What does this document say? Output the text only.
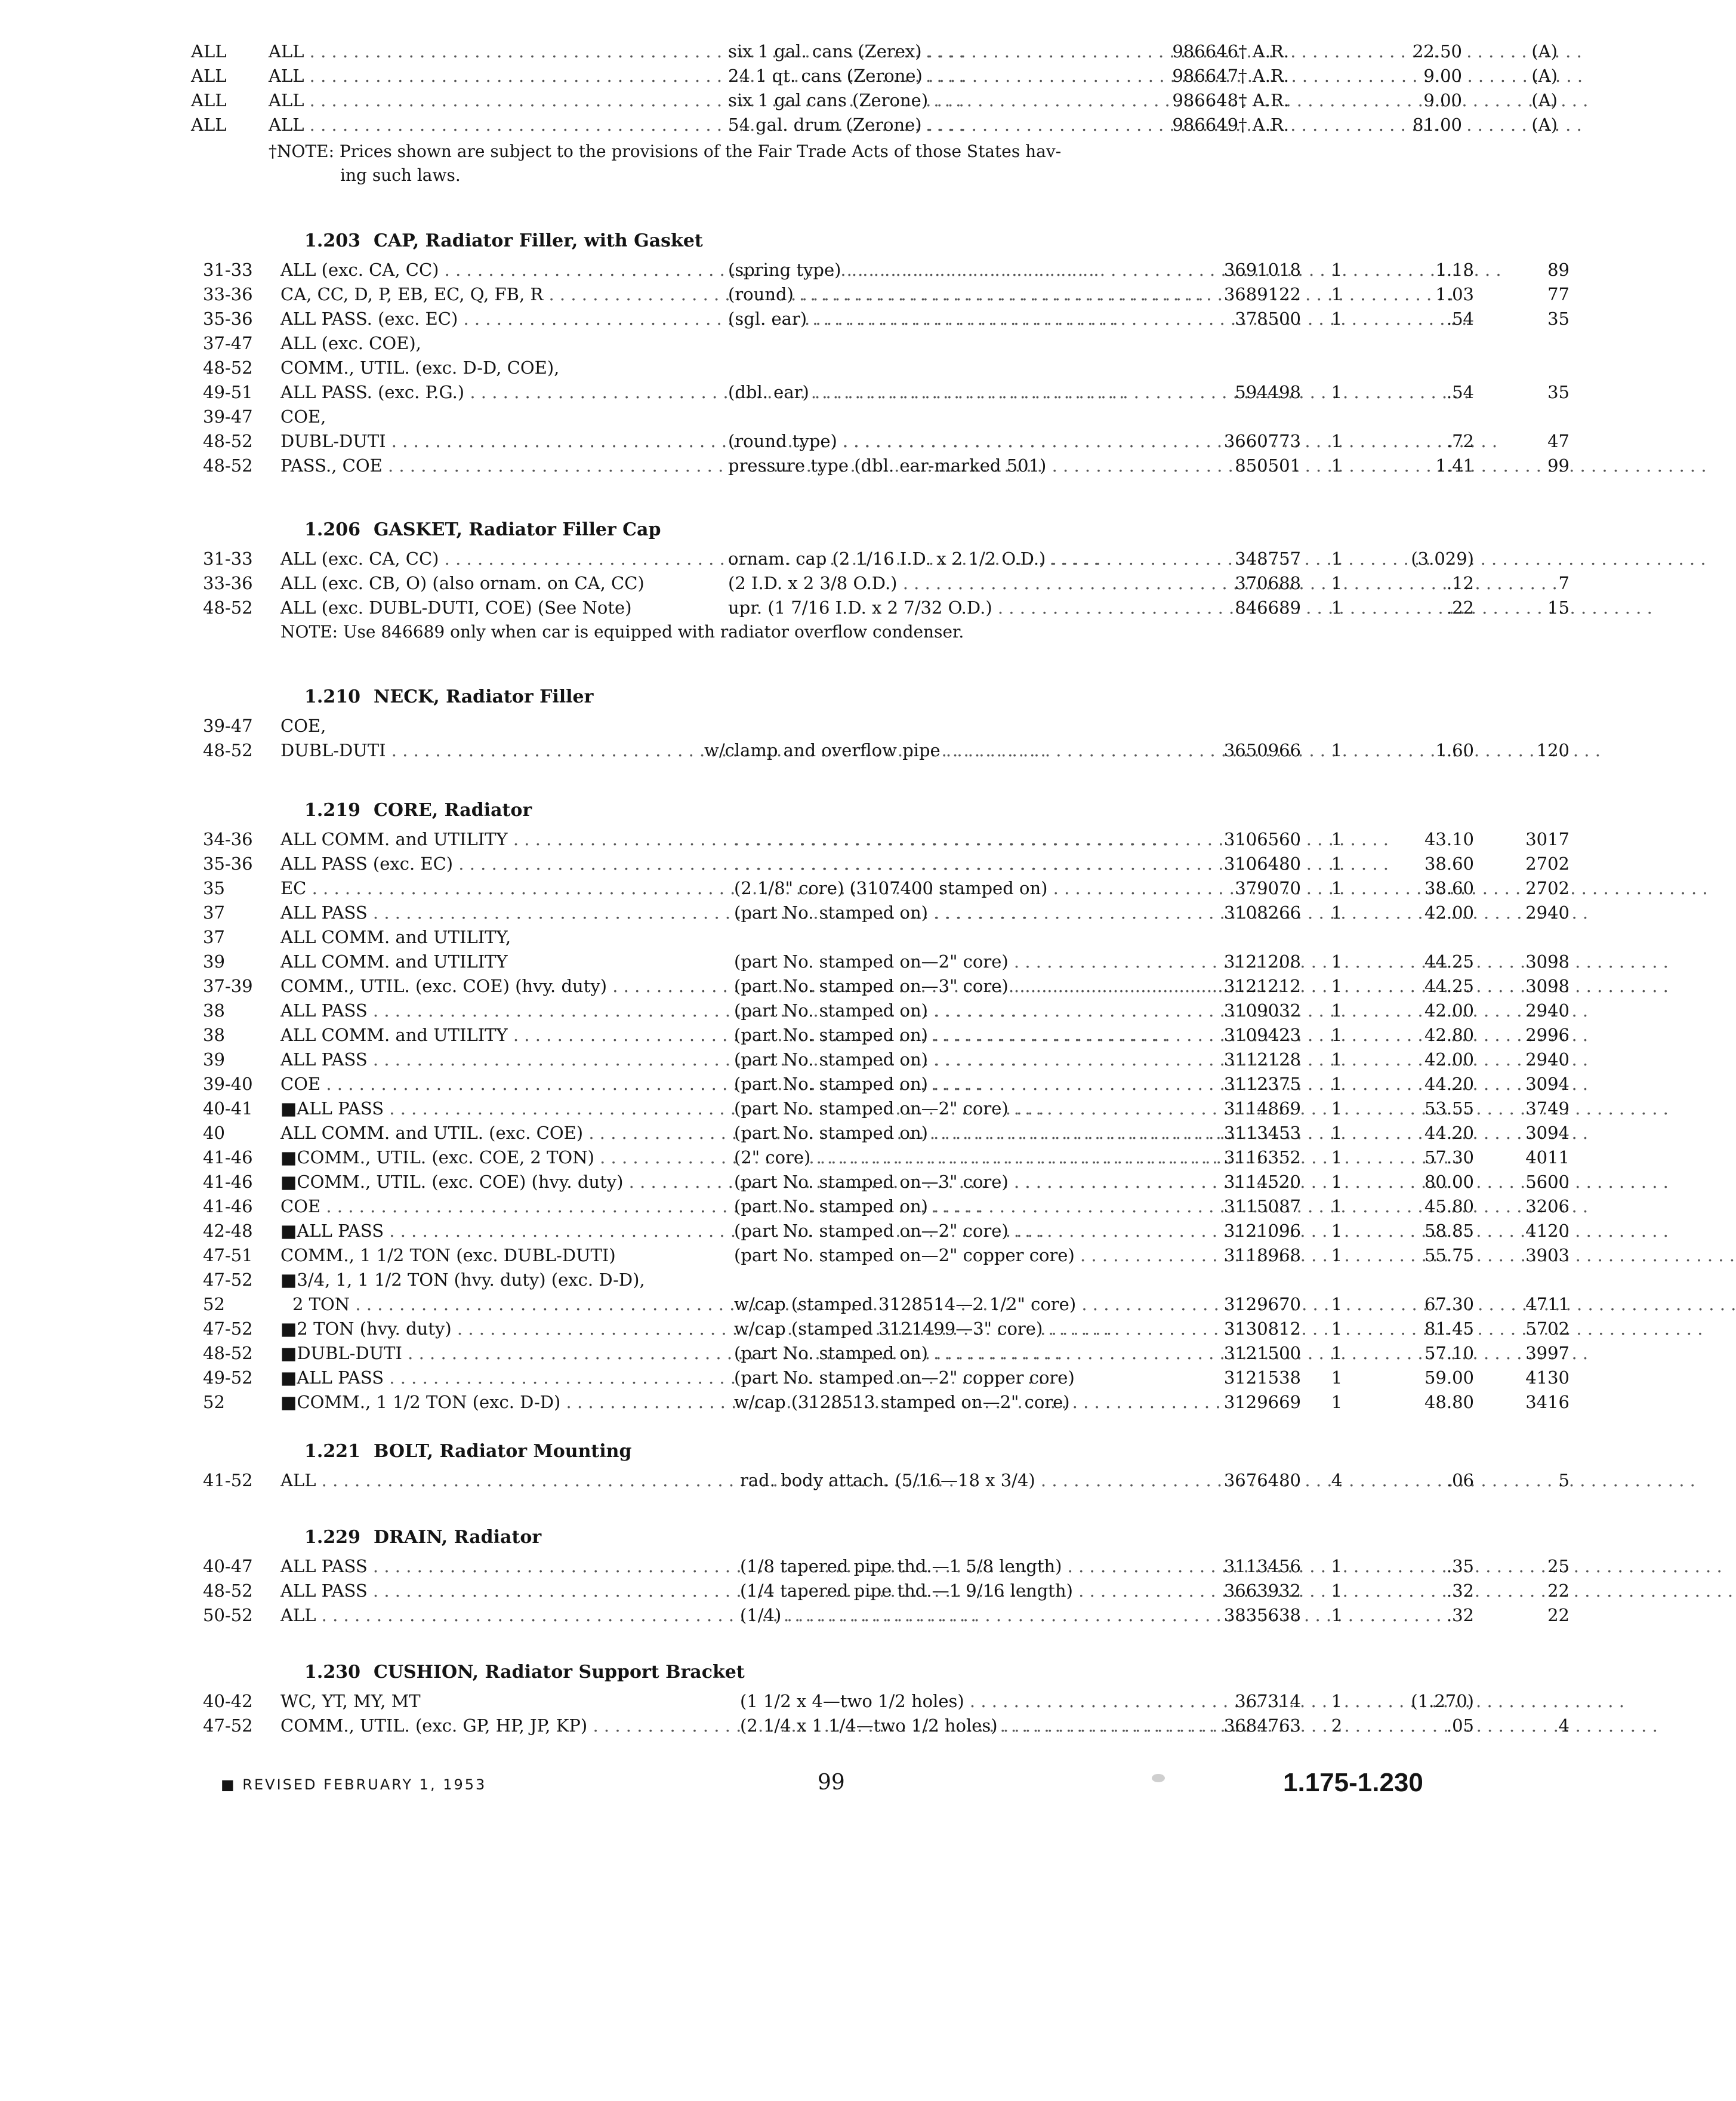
ALL	ALL . . .	six 1 gal. cans (Zerex) . . .	986646† A.R.	22.50	(A)
ALL	ALL . . .	24 1 qt. cans (Zerone) . . .	986647† A.R.	9.00	(A)
ALL	ALL . . .	six 1 gal cans (Zerone) . . .	986648† A.R.	9.00	(A)
ALL	ALL . . .	54 gal. drum (Zerone) . . .	986649† A.R.	81.00	(A)
†NOTE: Prices shown are subject to the provisions of the Fair Trade Acts of those States hav-
ing such laws.
1.203 CAP, Radiator Filler, with Gasket
31-33	ALL (exc. CA, CC) . . .	(spring type) . . .	3691018	1	1.18	89
33-36	CA, CC, D, P, EB, EC, Q, FB, R . . .	(round) . . .	3689122	1	1.03	77
35-36	ALL PASS. (exc. EC) . . .	(sgl. ear) . . .	378500	1	.54	35
37-47	ALL (exc. COE),
48-52	COMM., UTIL. (exc. D-D, COE),
49-51	ALL PASS. (exc. P.G.) . . .	(dbl. ear) . . .	594498	1	.54	35
39-47	COE,
48-52	DUBL-DUTI . . .	(round type) . . .	3660773	1	.72	47
48-52	PASS., COE . . .	pressure type (dbl. ear-marked 501) . . .	850501	1	1.41	99
1.206 GASKET, Radiator Filler Cap
31-33	ALL (exc. CA, CC) . . .	ornam. cap (2 1/16 I.D. x 2 1/2 O.D.) . . .	348757	1	(3.029)
33-36	ALL (exc. CB, O) (also ornam. on CA, CC)	(2 I.D. x 2 3/8 O.D.) . . .	370688	1	.12	7
48-52	ALL (exc. DUBL-DUTI, COE) (See Note)	upr. (1 7/16 I.D. x 2 7/32 O.D.) . . .	846689	1	.22	15
NOTE: Use 846689 only when car is equipped with radiator overflow condenser.
1.210 NECK, Radiator Filler
39-47	COE,
48-52	DUBL-DUTI . . .	w/clamp and overflow pipe . . .	3650966	1	1.60	120
1.219 CORE, Radiator
34-36	ALL COMM. and UTILITY . . . . . .	3106560	1	43.10	3017
35-36	ALL PASS (exc. EC) . . . . . .	3106480	1	38.60	2702
35	EC . . .	(2 1/8" core) (3107400 stamped on) . . .	379070	1	38.60	2702
37	ALL PASS . . .	(part No. stamped on) . . .	3108266	1	42.00	2940
37	ALL COMM. and UTILITY,
39	ALL COMM. and UTILITY	(part No. stamped on—2" core) . . .	3121208	1	44.25	3098
37-39	COMM., UTIL. (exc. COE) (hvy. duty) . . .	(part No. stamped on—3" core) . . .	3121212	1	44.25	3098
38	ALL PASS . . .	(part No. stamped on) . . .	3109032	1	42.00	2940
38	ALL COMM. and UTILITY . . .	(part No. stamped on) . . .	3109423	1	42.80	2996
39	ALL PASS . . .	(part No. stamped on) . . .	3112128	1	42.00	2940
39-40	COE . . .	(part No. stamped on) . . .	3112375	1	44.20	3094
40-41	■ALL PASS . . .	(part No. stamped on—2" core) . . .	3114869	1	53.55	3749
40	ALL COMM. and UTIL. (exc. COE) . . .	(part No. stamped on) . . .	3113453	1	44.20	3094
41-46	■COMM., UTIL. (exc. COE, 2 TON) . . .	(2" core) . . .	3116352	1	57.30	4011
41-46	■COMM., UTIL. (exc. COE) (hvy. duty) . . .	(part No. stamped on—3" core) . . .	3114520	1	80.00	5600
41-46	COE . . .	(part No. stamped on) . . .	3115087	1	45.80	3206
42-48	■ALL PASS . . .	(part No. stamped on—2" core) . . .	3121096	1	58.85	4120
47-51	COMM., 1 1/2 TON (exc. DUBL-DUTI)	(part No. stamped on—2" copper core) . . .	3118968	1	55.75	3903
47-52	■3/4, 1, 1 1/2 TON (hvy. duty) (exc. D-D),
52	2 TON . . .	w/cap (stamped 3128514—2 1/2" core) . . .	3129670	1	67.30	4711
47-52	■2 TON (hvy. duty) . . .	w/cap (stamped 3121499—3" core) . . .	3130812	1	81.45	5702
48-52	■DUBL-DUTI . . .	(part No. stamped on) . . .	3121500	1	57.10	3997
49-52	■ALL PASS . . .	(part No. stamped on—2" copper core)	3121538	1	59.00	4130
52	■COMM., 1 1/2 TON (exc. D-D) . . .	w/cap (3128513 stamped on—2" core)	3129669	1	48.80	3416
1.221 BOLT, Radiator Mounting
41-52	ALL . . .	rad. body attach. (5/16—18 x 3/4) . . .	3676480	4	.06	5
1.229 DRAIN, Radiator
40-47	ALL PASS . . .	(1/8 tapered pipe thd.—1 5/8 length) . . .	3113456	1	.35	25
48-52	ALL PASS . . .	(1/4 tapered pipe thd.—1 9/16 length) . . .	3663932	1	.32	22
50-52	ALL . . .	(1/4) . . .	3835638	1	.32	22
1.230 CUSHION, Radiator Support Bracket
40-42	WC, YT, MY, MT	(1 1/2 x 4—two 1/2 holes) . . .	367314	1	(1.270)
47-52	COMM., UTIL. (exc. GP, HP, JP, KP) . . .	(2 1/4 x 1 1/4—two 1/2 holes) . . .	3684763	2	.05	4
■ REVISED FEBRUARY 1, 1953	99	1.175-1.230
